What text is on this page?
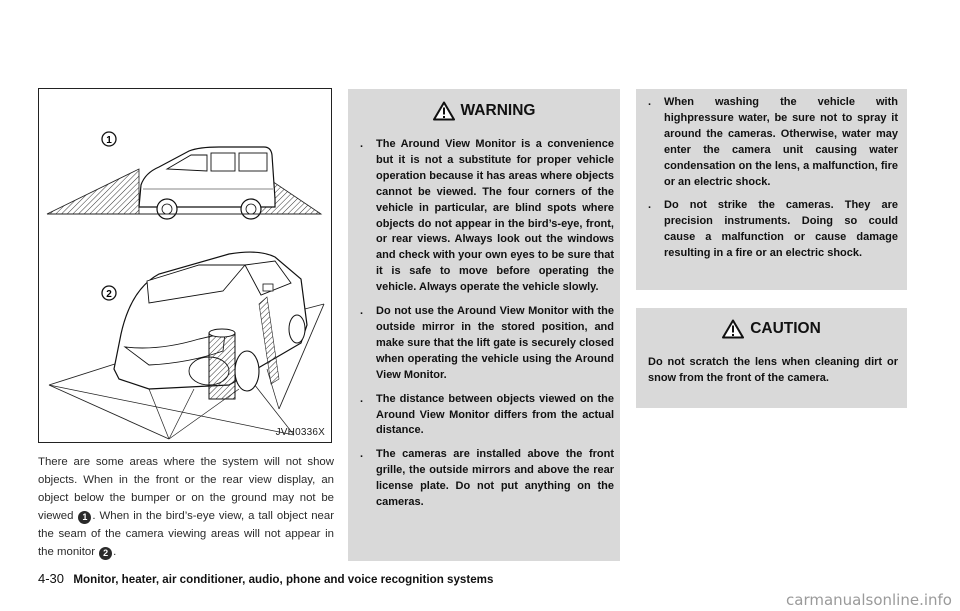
1
2
JVH0336X

There are some areas where the system will not show objects. When in the front or the rear view display, an object below the bumper or on the ground may not be viewed 1 . When in the bird’s-eye view, a tall object near the seam of the camera viewing areas will not appear in the monitor 2 .

WARNING
. The Around View Monitor is a convenience but it is not a substitute for proper vehicle operation because it has areas where objects cannot be viewed. The four corners of the vehicle in particular, are blind spots where objects do not appear in the bird’s-eye, front, or rear views. Always look out the windows and check with your own eyes to be sure that it is safe to move before operating the vehicle. Always operate the vehicle slowly.
. Do not use the Around View Monitor with the outside mirror in the stored position, and make sure that the lift gate is securely closed when operating the vehicle using the Around View Monitor.
. The distance between objects viewed on the Around View Monitor differs from the actual distance.
. The cameras are installed above the front grille, the outside mirrors and above the rear license plate. Do not put anything on the cameras.
. When washing the vehicle with highpressure water, be sure not to spray it around the cameras. Otherwise, water may enter the camera unit causing water condensation on the lens, a malfunction, fire or an electric shock.
. Do not strike the cameras. They are precision instruments. Doing so could cause a malfunction or cause damage resulting in a fire or an electric shock.
CAUTION

Do not scratch the lens when cleaning dirt or snow from the front of the camera.

4-30 Monitor, heater, air conditioner, audio, phone and voice recognition systems
carmanualsonline.info
